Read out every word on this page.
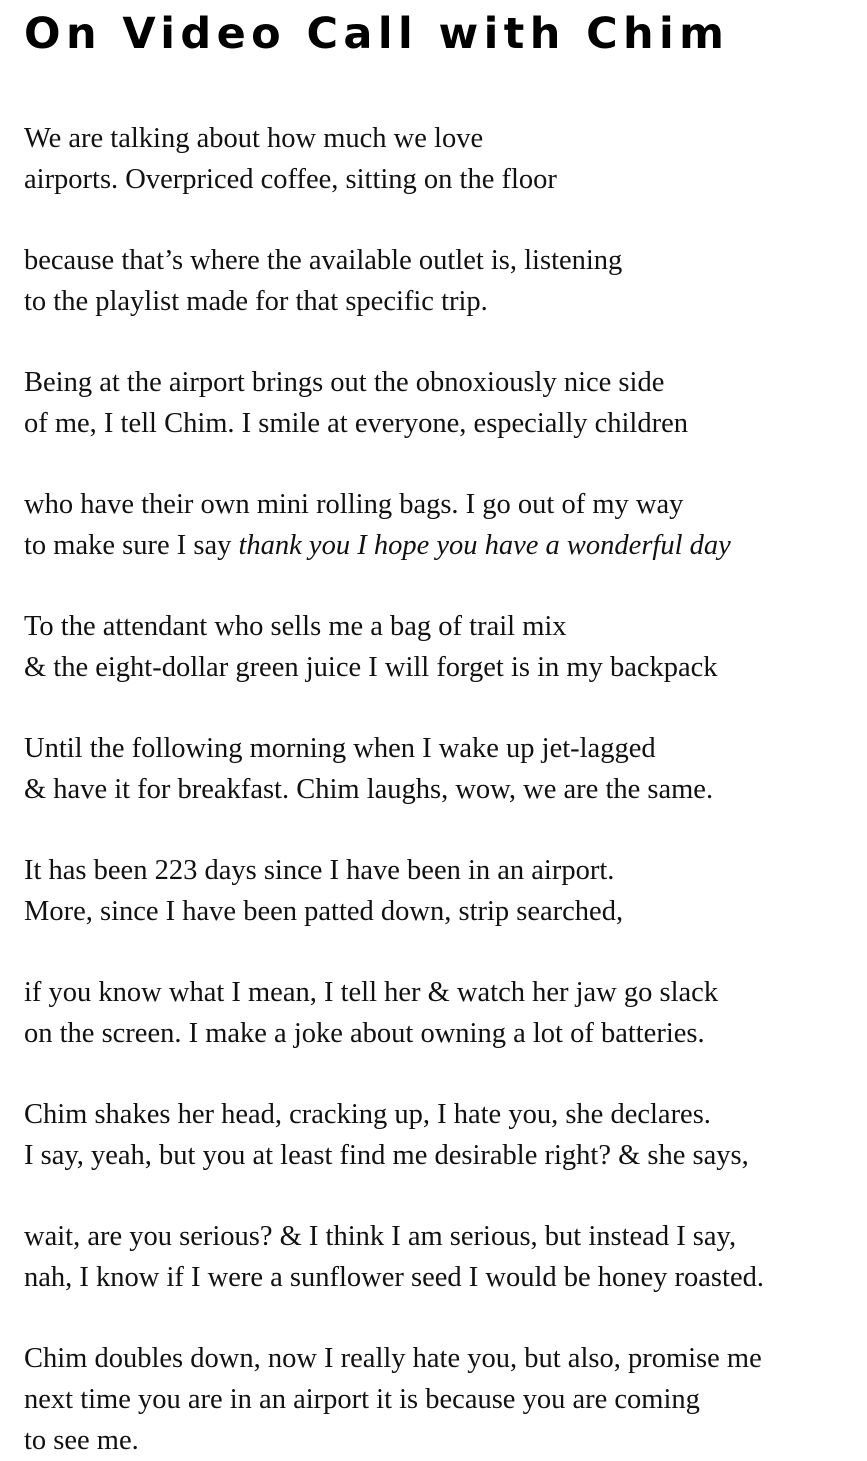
On Video Call with Chim

We are talking about how much we love
airports. Overpriced coffee, sitting on the floor

because that’s where the available outlet is, listening
to the playlist made for that specific trip.

Being at the airport brings out the obnoxiously nice side
of me, I tell Chim. I smile at everyone, especially children

who have their own mini rolling bags. I go out of my way
to make sure I say thank you I hope you have a wonderful day

To the attendant who sells me a bag of trail mix
& the eight-dollar green juice I will forget is in my backpack

Until the following morning when I wake up jet-lagged
& have it for breakfast. Chim laughs, wow, we are the same.

It has been 223 days since I have been in an airport.
More, since I have been patted down, strip searched,

if you know what I mean, I tell her & watch her jaw go slack
on the screen. I make a joke about owning a lot of batteries.

Chim shakes her head, cracking up, I hate you, she declares.
I say, yeah, but you at least find me desirable right? & she says,

wait, are you serious? & I think I am serious, but instead I say,
nah, I know if I were a sunflower seed I would be honey roasted.

Chim doubles down, now I really hate you, but also, promise me
next time you are in an airport it is because you are coming
to see me.
